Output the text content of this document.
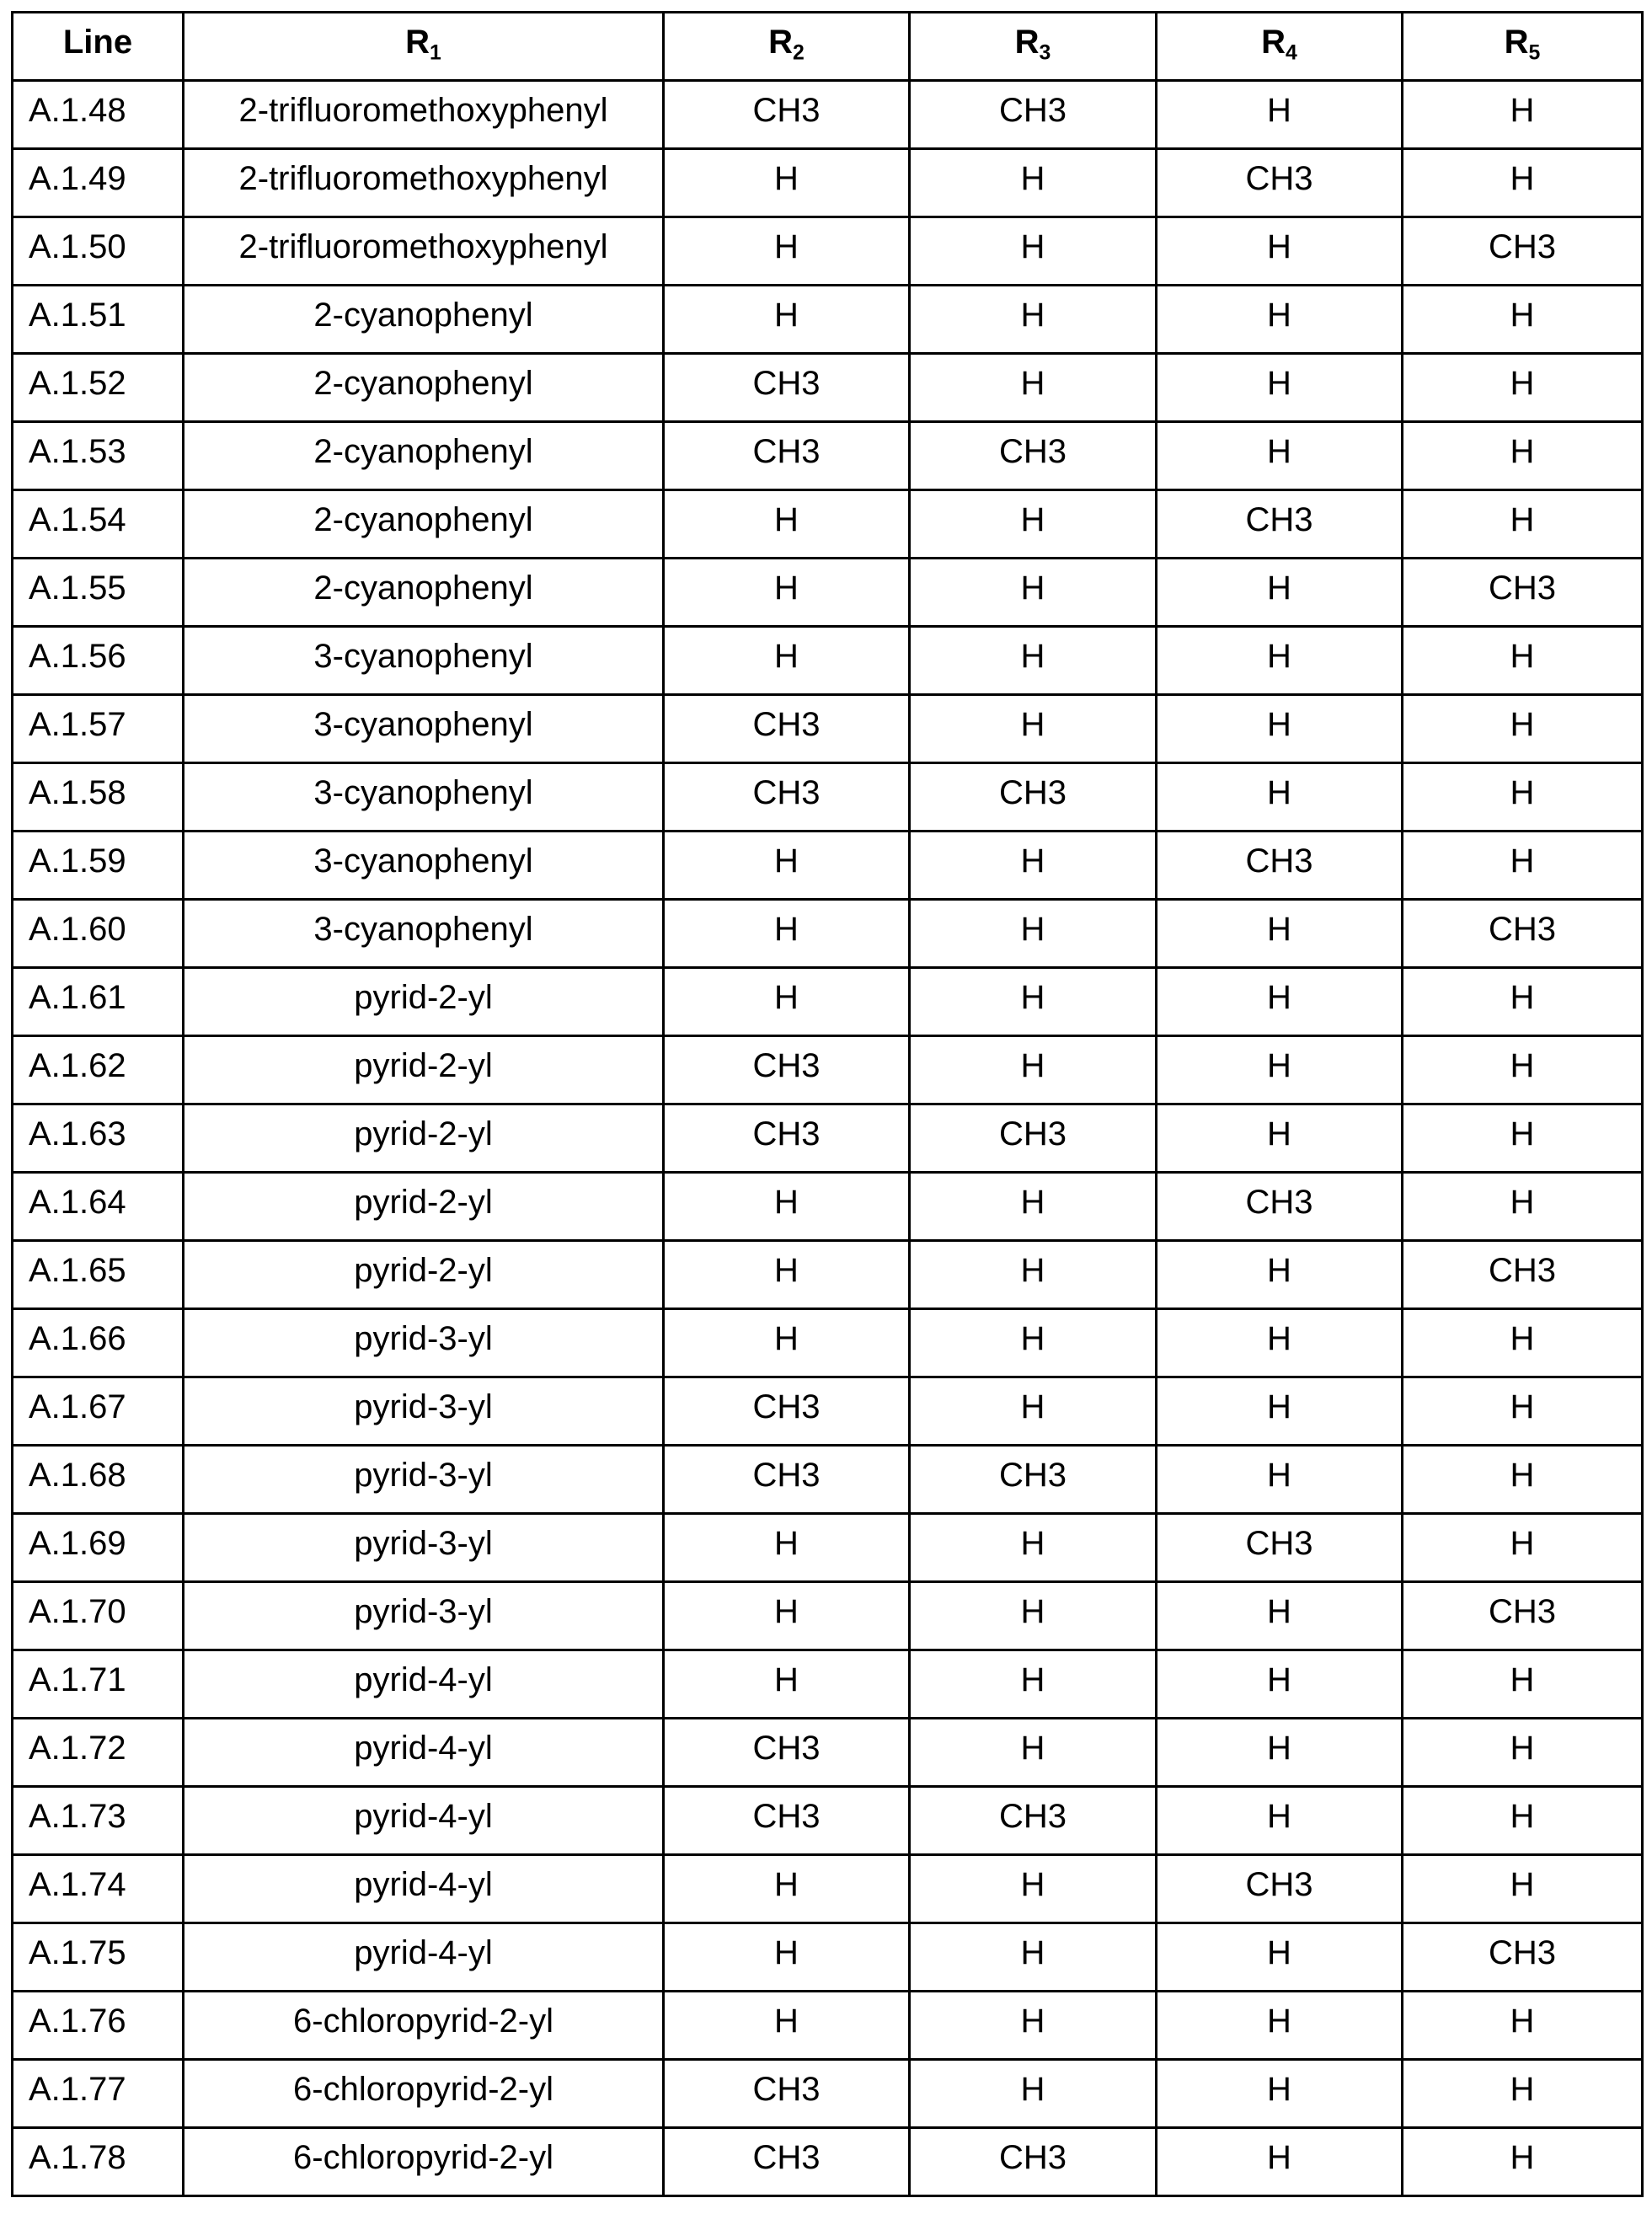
Line	R1	R2	R3	R4	R5
A.1.48	2-trifluoromethoxyphenyl	CH3	CH3	H	H
A.1.49	2-trifluoromethoxyphenyl	H	H	CH3	H
A.1.50	2-trifluoromethoxyphenyl	H	H	H	CH3
A.1.51	2-cyanophenyl	H	H	H	H
A.1.52	2-cyanophenyl	CH3	H	H	H
A.1.53	2-cyanophenyl	CH3	CH3	H	H
A.1.54	2-cyanophenyl	H	H	CH3	H
A.1.55	2-cyanophenyl	H	H	H	CH3
A.1.56	3-cyanophenyl	H	H	H	H
A.1.57	3-cyanophenyl	CH3	H	H	H
A.1.58	3-cyanophenyl	CH3	CH3	H	H
A.1.59	3-cyanophenyl	H	H	CH3	H
A.1.60	3-cyanophenyl	H	H	H	CH3
A.1.61	pyrid-2-yl	H	H	H	H
A.1.62	pyrid-2-yl	CH3	H	H	H
A.1.63	pyrid-2-yl	CH3	CH3	H	H
A.1.64	pyrid-2-yl	H	H	CH3	H
A.1.65	pyrid-2-yl	H	H	H	CH3
A.1.66	pyrid-3-yl	H	H	H	H
A.1.67	pyrid-3-yl	CH3	H	H	H
A.1.68	pyrid-3-yl	CH3	CH3	H	H
A.1.69	pyrid-3-yl	H	H	CH3	H
A.1.70	pyrid-3-yl	H	H	H	CH3
A.1.71	pyrid-4-yl	H	H	H	H
A.1.72	pyrid-4-yl	CH3	H	H	H
A.1.73	pyrid-4-yl	CH3	CH3	H	H
A.1.74	pyrid-4-yl	H	H	CH3	H
A.1.75	pyrid-4-yl	H	H	H	CH3
A.1.76	6-chloropyrid-2-yl	H	H	H	H
A.1.77	6-chloropyrid-2-yl	CH3	H	H	H
A.1.78	6-chloropyrid-2-yl	CH3	CH3	H	H
